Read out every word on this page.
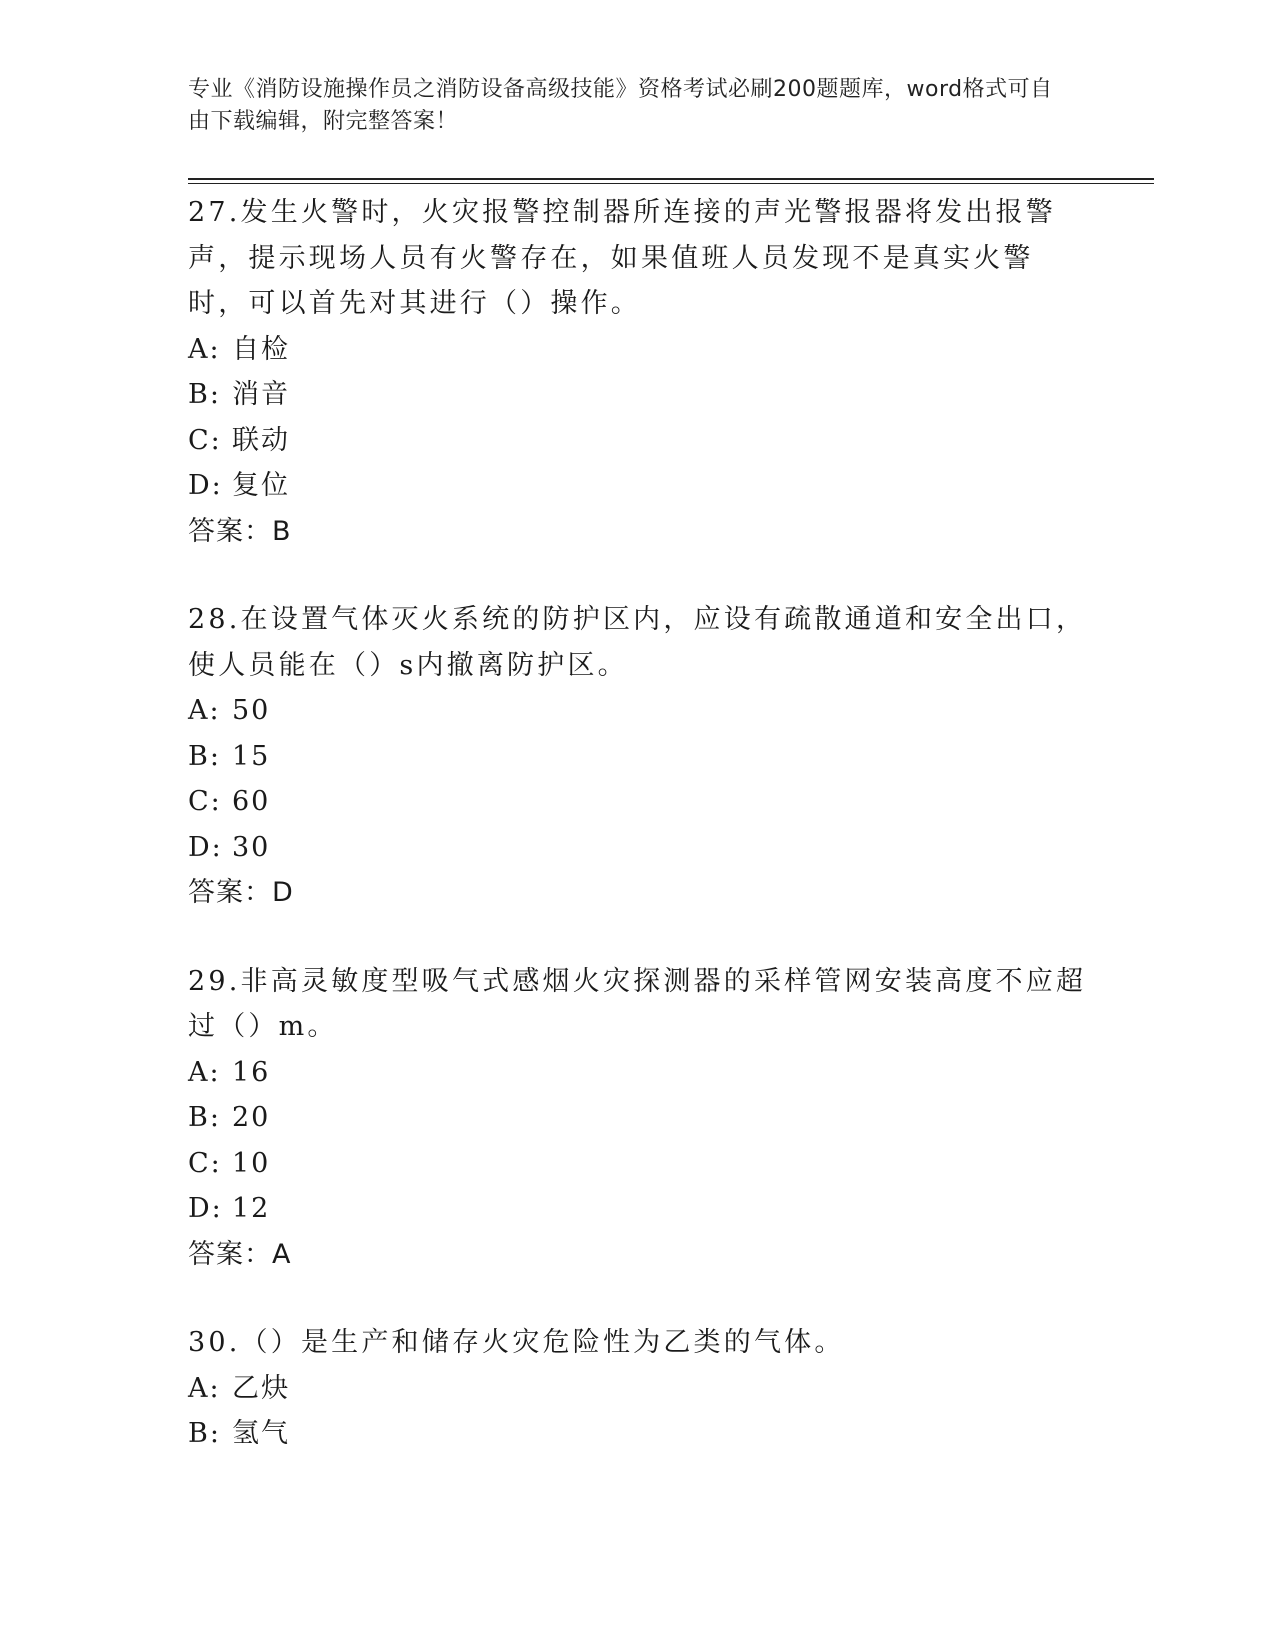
专业《消防设施操作员之消防设备高级技能》资格考试必刷200题题库，word格式可自由下载编辑，附完整答案！

27.发生火警时，火灾报警控制器所连接的声光警报器将发出报警声，提示现场人员有火警存在，如果值班人员发现不是真实火警时，可以首先对其进行（）操作。

A: 自检
B: 消音
C: 联动
D: 复位
答案：B

28.在设置气体灭火系统的防护区内，应设有疏散通道和安全出口，使人员能在（）s内撤离防护区。

A: 50
B: 15
C: 60
D: 30
答案：D

29.非高灵敏度型吸气式感烟火灾探测器的采样管网安装高度不应超过（）m。

A: 16
B: 20
C: 10
D: 12
答案：A

30.（）是生产和储存火灾危险性为乙类的气体。

A: 乙炔
B: 氢气
